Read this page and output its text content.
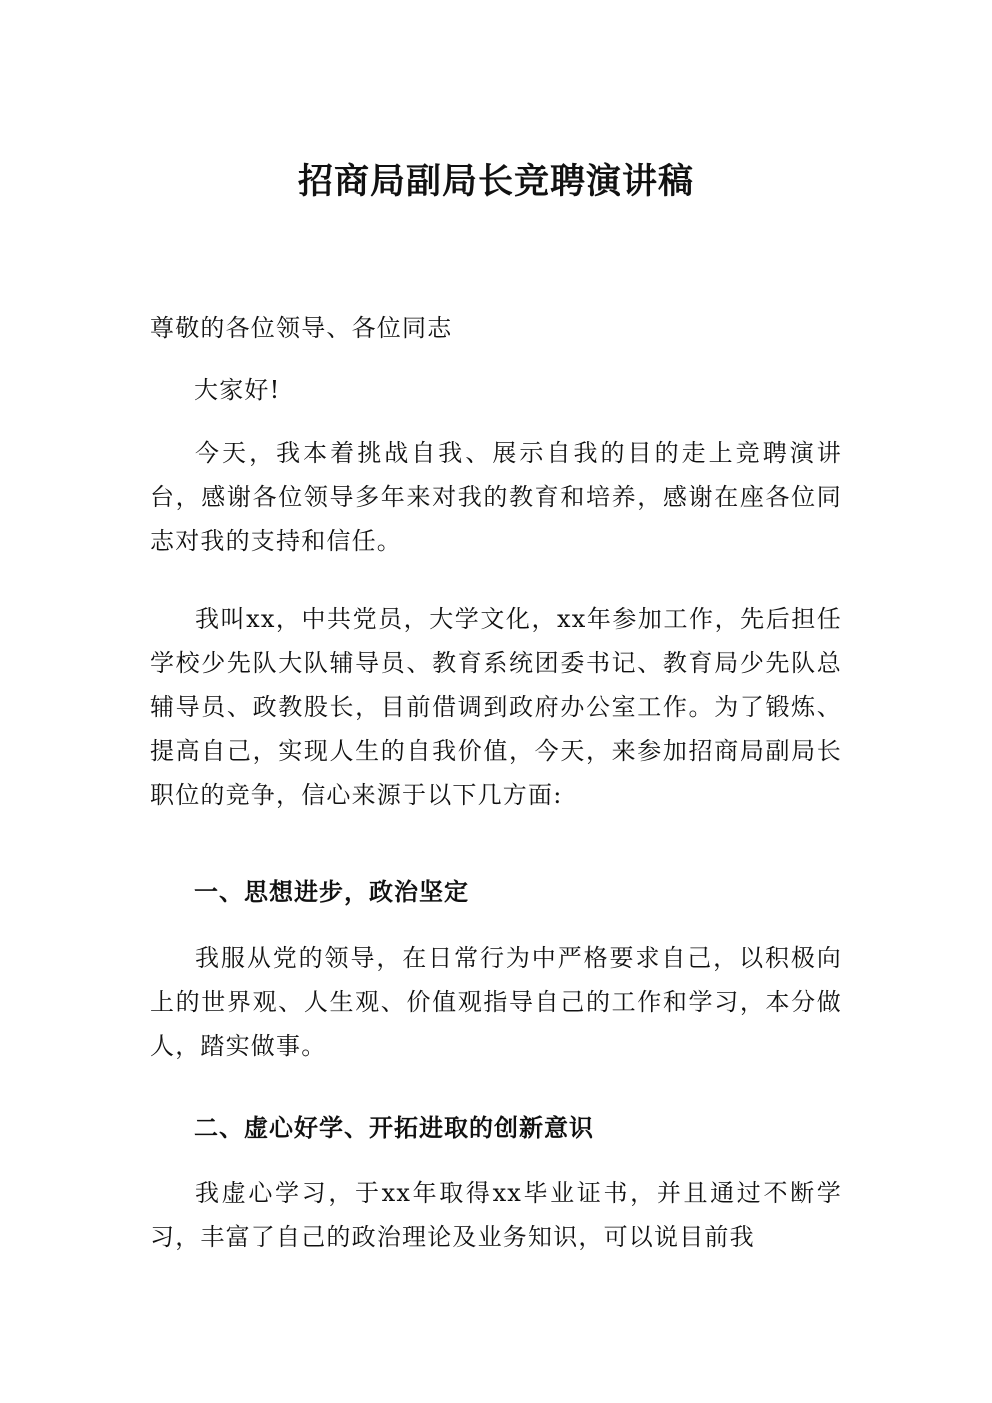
招商局副局长竞聘演讲稿

尊敬的各位领导、各位同志

大家好!

今天，我本着挑战自我、展示自我的目的走上竞聘演讲台，感谢各位领导多年来对我的教育和培养，感谢在座各位同志对我的支持和信任。

我叫xx，中共党员，大学文化，xx年参加工作，先后担任学校少先队大队辅导员、教育系统团委书记、教育局少先队总辅导员、政教股长，目前借调到政府办公室工作。为了锻炼、提高自己，实现人生的自我价值，今天，来参加招商局副局长职位的竞争，信心来源于以下几方面:

一、思想进步，政治坚定

我服从党的领导，在日常行为中严格要求自己，以积极向上的世界观、人生观、价值观指导自己的工作和学习，本分做人，踏实做事。

二、虚心好学、开拓进取的创新意识

我虚心学习，于xx年取得xx毕业证书，并且通过不断学习，丰富了自己的政治理论及业务知识，可以说目前我
